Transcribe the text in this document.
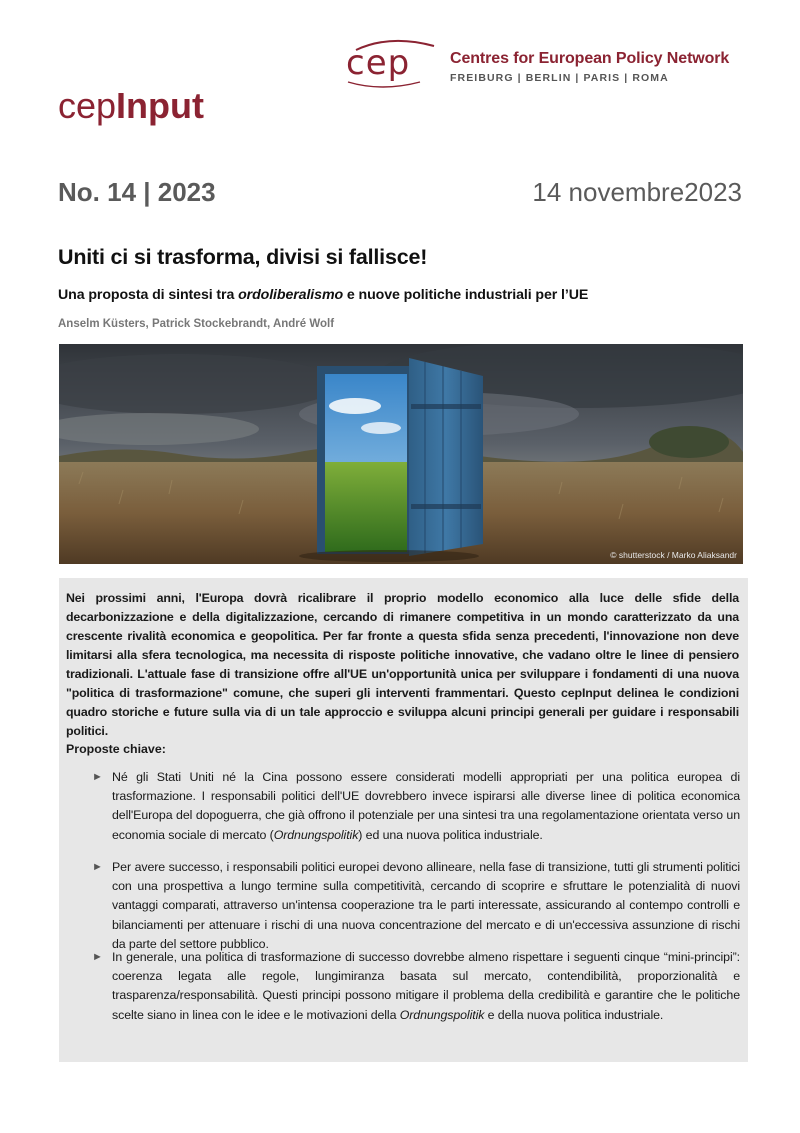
cep Centres for European Policy Network
FREIBURG | BERLIN | PARIS | ROMA
cepInput
No. 14 | 2023	14 novembre2023
Uniti ci si trasforma, divisi si fallisce!
Una proposta di sintesi tra ordoliberalismo e nuove politiche industriali per l’UE
Anselm Küsters, Patrick Stockebrandt, André Wolf
© shutterstock / Marko Aliaksandr
Nei prossimi anni, l'Europa dovrà ricalibrare il proprio modello economico alla luce delle sfide della decarbonizzazione e della digitalizzazione, cercando di rimanere competitiva in un mondo caratterizzato da una crescente rivalità economica e geopolitica. Per far fronte a questa sfida senza precedenti, l'innovazione non deve limitarsi alla sfera tecnologica, ma necessita di risposte politiche innovative, che vadano oltre le linee di pensiero tradizionali. L'attuale fase di transizione offre all'UE un'opportunità unica per sviluppare i fondamenti di una nuova "politica di trasformazione" comune, che superi gli interventi frammentari. Questo cepInput delinea le condizioni quadro storiche e future sulla via di un tale approccio e sviluppa alcuni principi generali per guidare i responsabili politici.
Proposte chiave:
► Né gli Stati Uniti né la Cina possono essere considerati modelli appropriati per una politica europea di trasformazione. I responsabili politici dell'UE dovrebbero invece ispirarsi alle diverse linee di politica economica dell'Europa del dopoguerra, che già offrono il potenziale per una sintesi tra una regolamentazione orientata verso un economia sociale di mercato (Ordnungspolitik) ed una nuova politica industriale.
► Per avere successo, i responsabili politici europei devono allineare, nella fase di transizione, tutti gli strumenti politici con una prospettiva a lungo termine sulla competitività, cercando di scoprire e sfruttare le potenzialità di nuovi vantaggi comparati, attraverso un'intensa cooperazione tra le parti interessate, assicurando al contempo controlli e bilanciamenti per attenuare i rischi di una nuova concentrazione del mercato e di un'eccessiva assunzione di rischi da parte del settore pubblico.
► In generale, una politica di trasformazione di successo dovrebbe almeno rispettare i seguenti cinque “mini-principi”: coerenza legata alle regole, lungimiranza basata sul mercato, contendibilità, proporzionalità e trasparenza/responsabilità. Questi principi possono mitigare il problema della credibilità e garantire che le politiche scelte siano in linea con le idee e le motivazioni della Ordnungspolitik e della nuova politica industriale.
